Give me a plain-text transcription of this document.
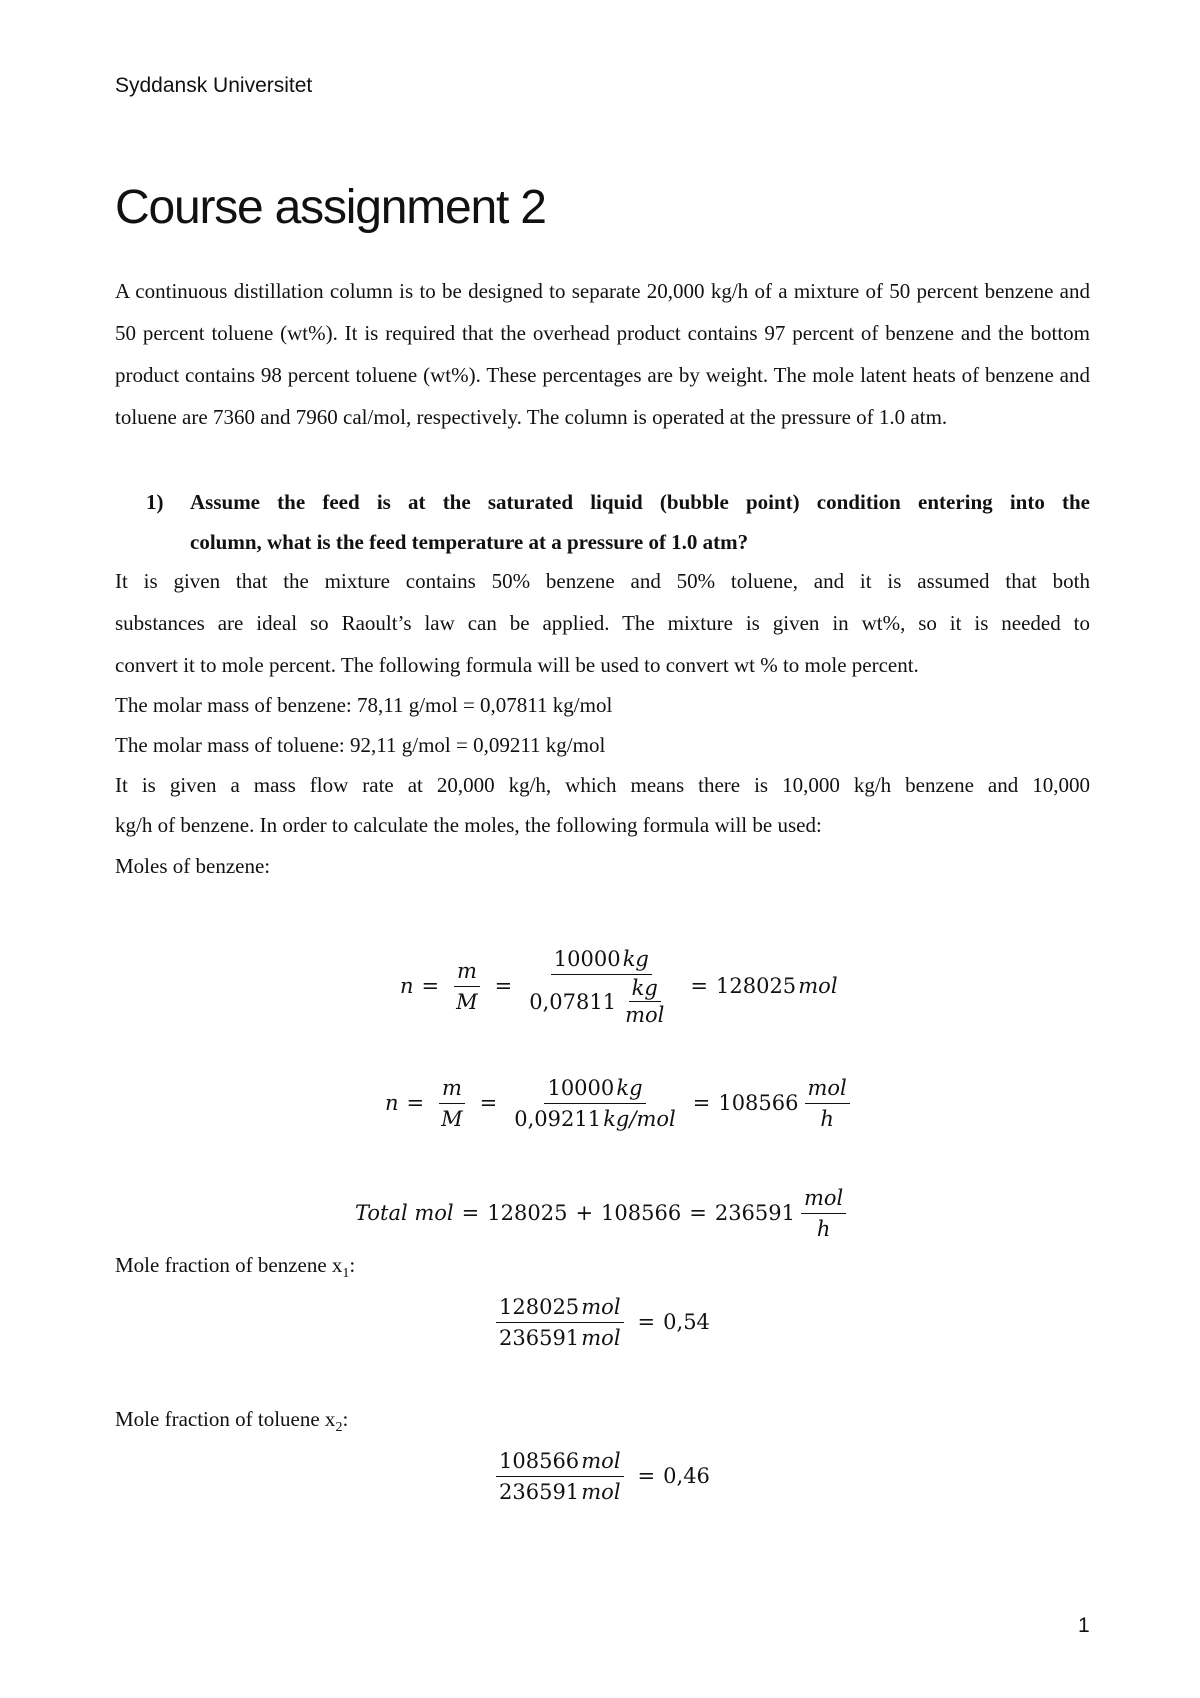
Syddansk Universitet
Course assignment 2

A continuous distillation column is to be designed to separate 20,000 kg/h of a mixture of 50 percent benzene and 50 percent toluene (wt%). It is required that the overhead product contains 97 percent of benzene and the bottom product contains 98 percent toluene (wt%). These percentages are by weight. The mole latent heats of benzene and toluene are 7360 and 7960 cal/mol, respectively. The column is operated at the pressure of 1.0 atm.

1) Assume the feed is at the saturated liquid (bubble point) condition entering into the
column, what is the feed temperature at a pressure of 1.0 atm?
It is given that the mixture contains 50% benzene and 50% toluene, and it is assumed that both
substances are ideal so Raoult’s law can be applied. The mixture is given in wt%, so it is needed to
convert it to mole percent. The following formula will be used to convert wt % to mole percent.
The molar mass of benzene: 78,11 g/mol = 0,07811 kg/mol
The molar mass of toluene: 92,11 g/mol = 0,09211 kg/mol
It is given a mass flow rate at 20,000 kg/h, which means there is 10,000 kg/h benzene and 10,000
kg/h of benzene. In order to calculate the moles, the following formula will be used:
Moles of benzene:
$n = \frac{m}{M} = 10000$
  kg
$0,07811 \frac{kg}{\text{mol}} = 128025$
  mol
$n = \frac{m}{M} = 10000$
  kg
0,09211
  $kg/mol = 108566 \frac{\text{mol}}{h}$
Total mol = $128025 + 108566 = 236591 \frac{\text{mol}}{h}$
Mole fraction of benzene $x_1$:
128025
  mol
236591
  mol = 0,54
Mole fraction of toluene $x_2$:
108566
  mol
236591
  mol = 0,46
1
